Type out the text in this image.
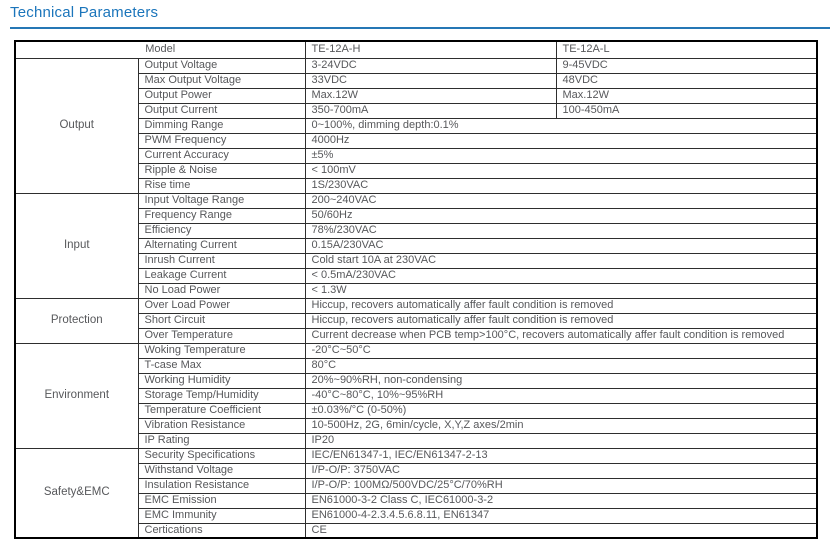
Technical Parameters
Model		TE-12A-H	TE-12A-L
Output	Output Voltage	3-24VDC	9-45VDC
	Max Output Voltage	33VDC	48VDC
	Output Power	Max.12W	Max.12W
	Output Current	350-700mA	100-450mA
	Dimming Range	0~100%, dimming depth:0.1%	
	PWM Frequency	4000Hz	
	Current Accuracy	±5%	
	Ripple & Noise	< 100mV	
	Rise time	1S/230VAC	
Input	Input Voltage Range	200~240VAC	
	Frequency Range	50/60Hz	
	Efficiency	78%/230VAC	
	Alternating Current	0.15A/230VAC	
	Inrush Current	Cold start 10A at 230VAC	
	Leakage Current	< 0.5mA/230VAC	
	No Load Power	< 1.3W	
Protection	Over Load Power	Hiccup, recovers automatically affer fault condition is removed	
	Short Circuit	Hiccup, recovers automatically affer fault condition is removed	
	Over Temperature	Current decrease when PCB temp>100°C, recovers automatically affer fault condition is removed	
Environment	Woking Temperature	-20°C~50°C	
	T-case Max	80°C	
	Working Humidity	20%~90%RH, non-condensing	
	Storage Temp/Humidity	-40°C~80°C, 10%~95%RH	
	Temperature Coefficient	±0.03%/°C (0-50%)	
	Vibration Resistance	10-500Hz, 2G, 6min/cycle, X,Y,Z axes/2min	
	IP Rating	IP20	
Safety&EMC	Security Specifications	IEC/EN61347-1, IEC/EN61347-2-13	
	Withstand Voltage	I/P-O/P: 3750VAC	
	Insulation Resistance	I/P-O/P: 100MΩ/500VDC/25°C/70%RH	
	EMC Emission	EN61000-3-2 Class C, IEC61000-3-2	
	EMC Immunity	EN61000-4-2.3.4.5.6.8.11, EN61347	
	Certications	CE	
